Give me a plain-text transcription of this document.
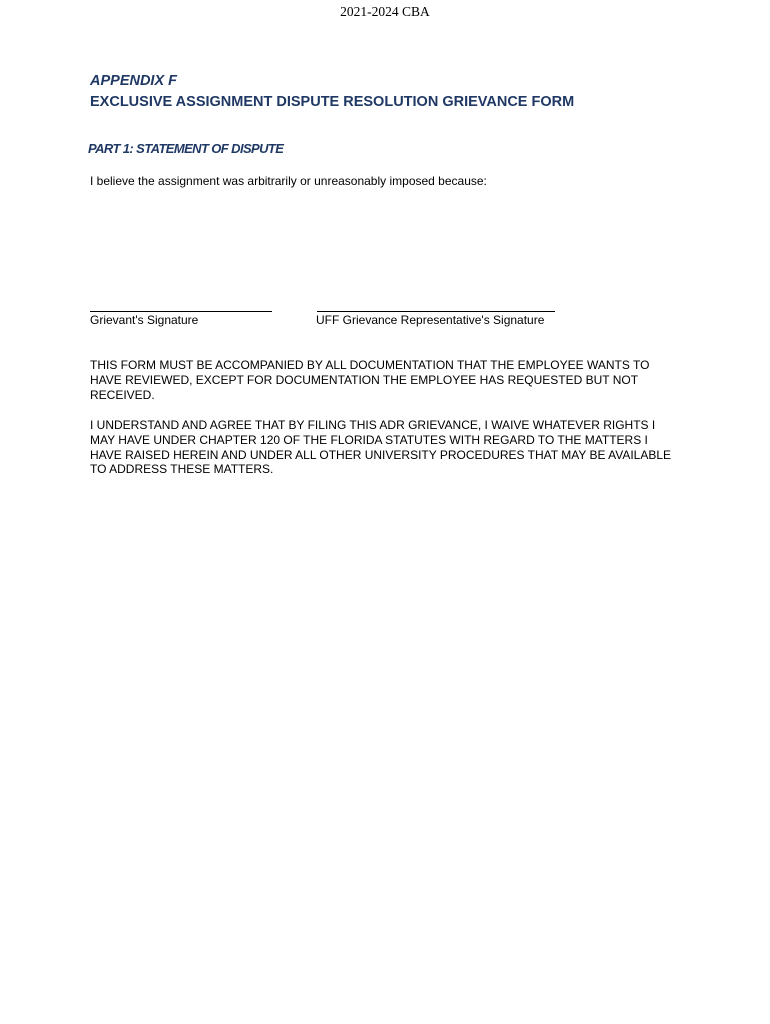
2021-2024 CBA
APPENDIX F
EXCLUSIVE ASSIGNMENT DISPUTE RESOLUTION GRIEVANCE FORM
PART 1: STATEMENT OF DISPUTE
I believe the assignment was arbitrarily or unreasonably imposed because:
Grievant's Signature	UFF Grievance Representative's Signature

THIS FORM MUST BE ACCOMPANIED BY ALL DOCUMENTATION THAT THE EMPLOYEE WANTS TO HAVE REVIEWED, EXCEPT FOR DOCUMENTATION THE EMPLOYEE HAS REQUESTED BUT NOT RECEIVED.

I UNDERSTAND AND AGREE THAT BY FILING THIS ADR GRIEVANCE, I WAIVE WHATEVER RIGHTS I MAY HAVE UNDER CHAPTER 120 OF THE FLORIDA STATUTES WITH REGARD TO THE MATTERS I HAVE RAISED HEREIN AND UNDER ALL OTHER UNIVERSITY PROCEDURES THAT MAY BE AVAILABLE TO ADDRESS THESE MATTERS.
